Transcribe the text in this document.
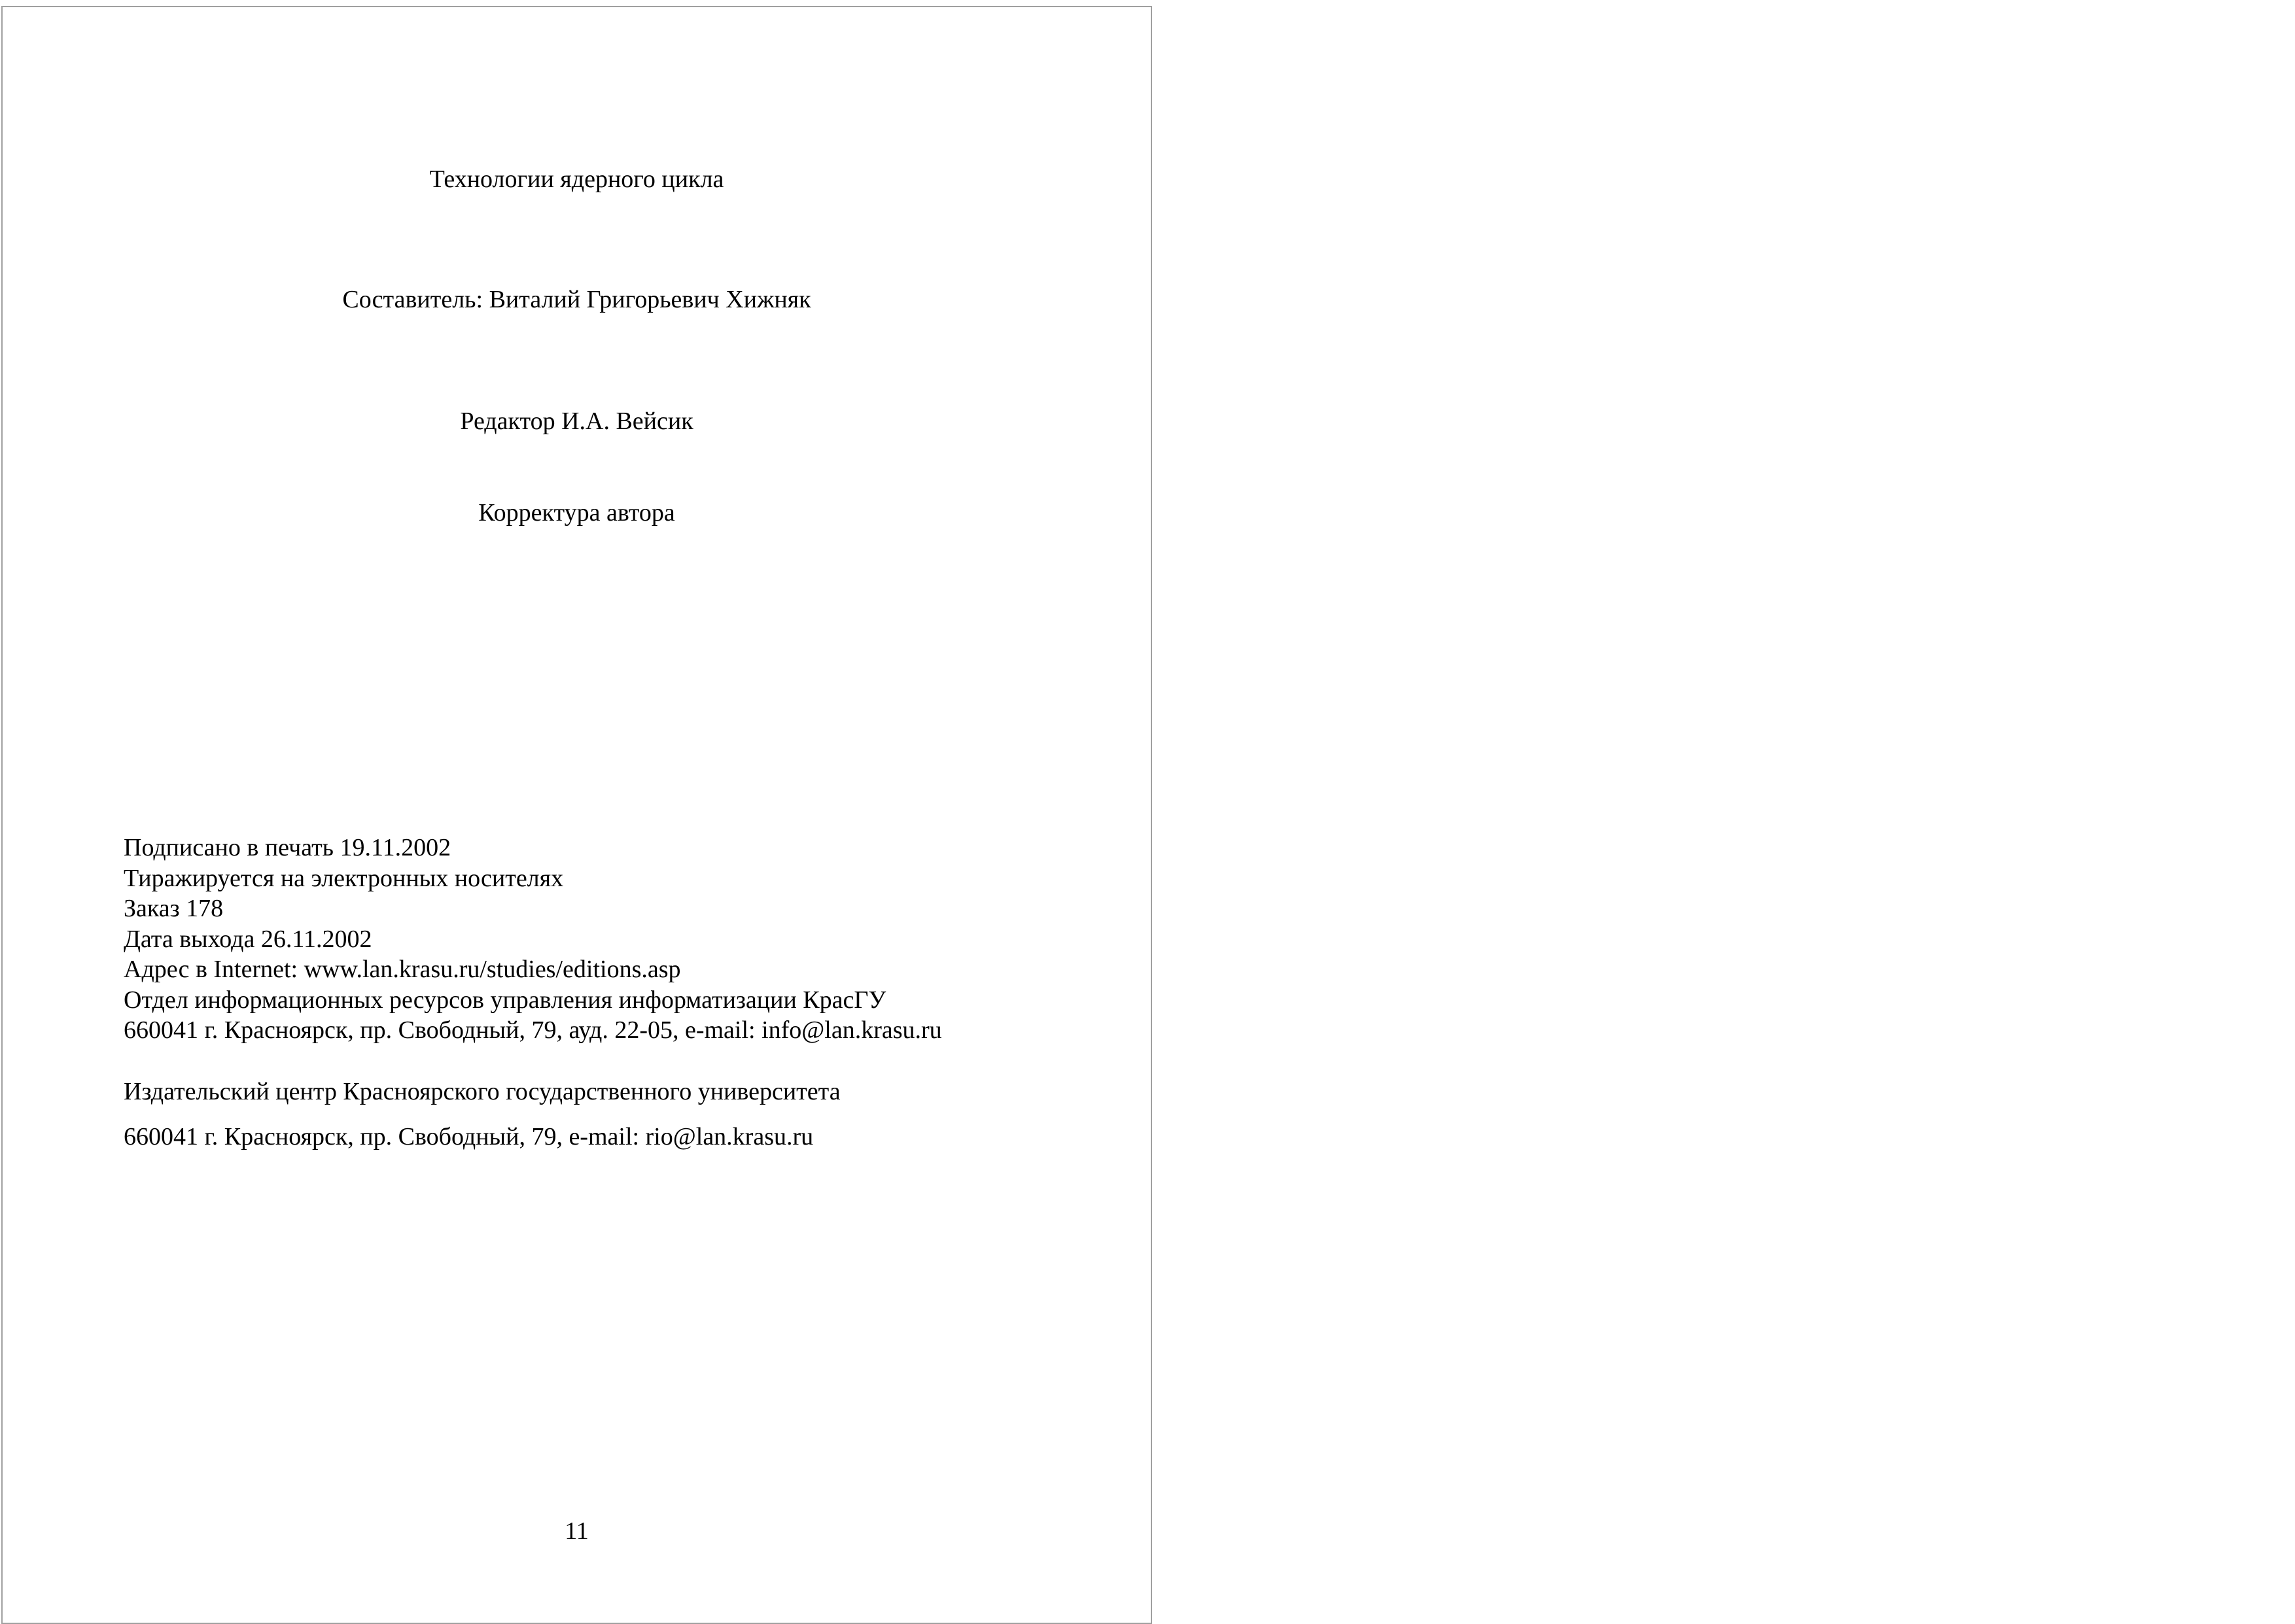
Технологии ядерного цикла
Составитель: Виталий Григорьевич Хижняк
Редактор И.А. Вейсик
Корректура автора
Подписано в печать 19.11.2002
Тиражируется на электронных носителях
Заказ 178
Дата выхода 26.11.2002
Адрес в Internet: www.lan.krasu.ru/studies/editions.asp
Отдел информационных ресурсов управления информатизации КрасГУ
660041 г. Красноярск, пр. Свободный, 79, ауд. 22-05, e-mail: info@lan.krasu.ru
Издательский центр Красноярского государственного университета
660041 г. Красноярск, пр. Свободный, 79, e-mail: rio@lan.krasu.ru
11
